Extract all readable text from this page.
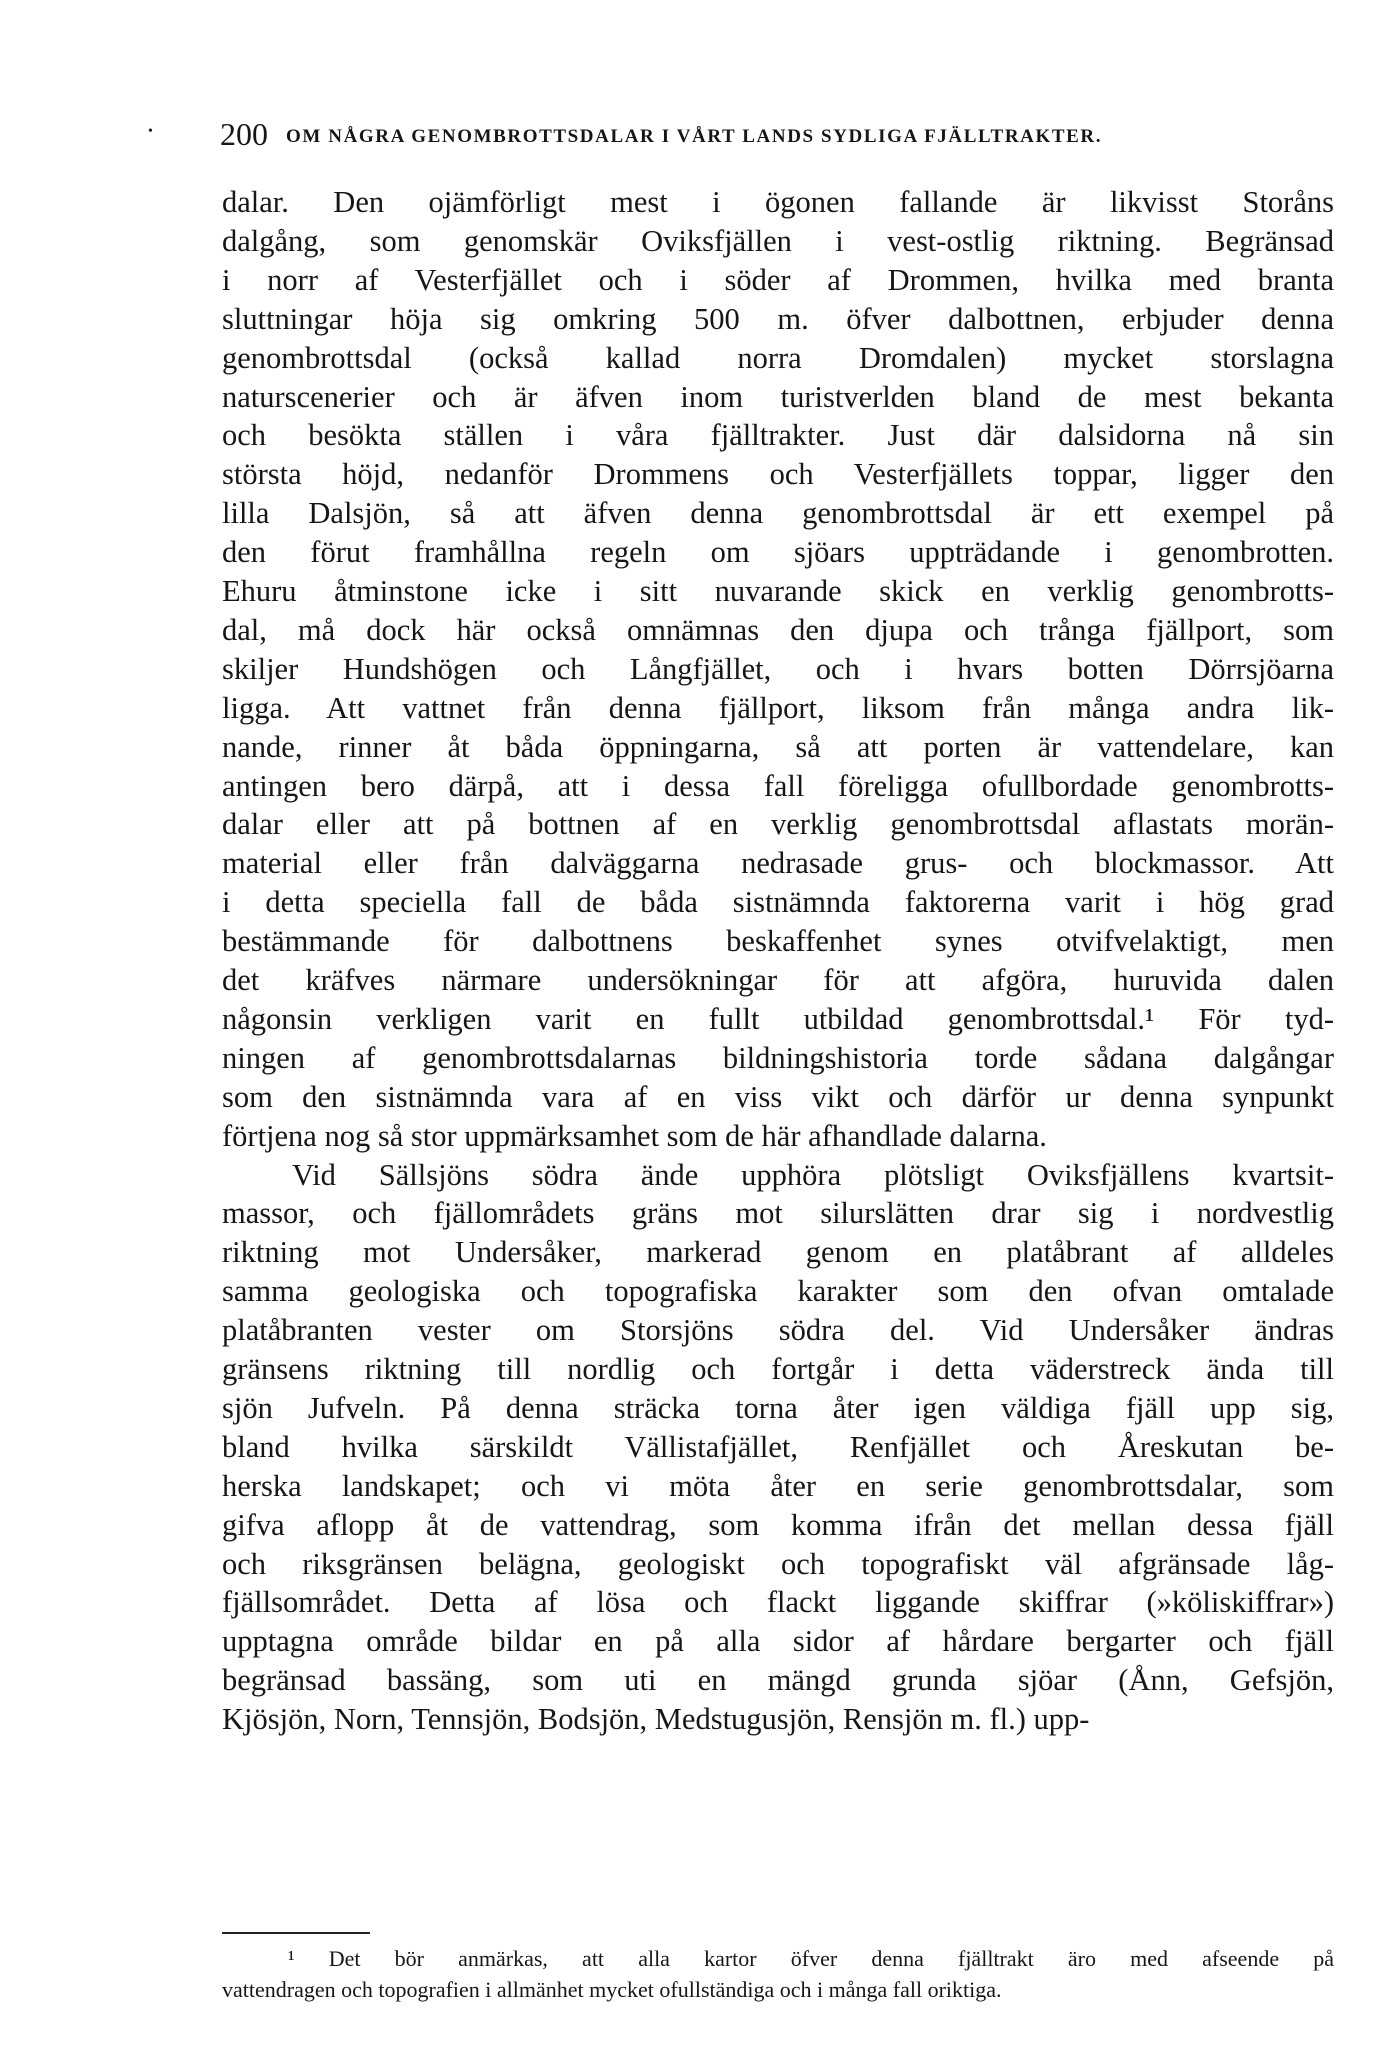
• 200 OM NÅGRA GENOMBROTTSDALAR I VÅRT LANDS SYDLIGA FJÄLLTRAKTER.
dalar. Den ojämförligt mest i ögonen fallande är likvisst Storåns
dalgång, som genomskär Oviksfjällen i vest-ostlig riktning. Begränsad
i norr af Vesterfjället och i söder af Drommen, hvilka med branta
sluttningar höja sig omkring 500 m. öfver dalbottnen, erbjuder denna
genombrottsdal (också kallad norra Dromdalen) mycket storslagna
naturscenerier och är äfven inom turistverlden bland de mest bekanta
och besökta ställen i våra fjälltrakter. Just där dalsidorna nå sin
största höjd, nedanför Drommens och Vesterfjällets toppar, ligger den
lilla Dalsjön, så att äfven denna genombrottsdal är ett exempel på
den förut framhållna regeln om sjöars uppträdande i genombrotten.
Ehuru åtminstone icke i sitt nuvarande skick en verklig genombrotts-
dal, må dock här också omnämnas den djupa och trånga fjällport, som
skiljer Hundshögen och Långfjället, och i hvars botten Dörrsjöarna
ligga. Att vattnet från denna fjällport, liksom från många andra lik-
nande, rinner åt båda öppningarna, så att porten är vattendelare, kan
antingen bero därpå, att i dessa fall föreligga ofullbordade genombrotts-
dalar eller att på bottnen af en verklig genombrottsdal aflastats morän-
material eller från dalväggarna nedrasade grus- och blockmassor. Att
i detta speciella fall de båda sistnämnda faktorerna varit i hög grad
bestämmande för dalbottnens beskaffenhet synes otvifvelaktigt, men
det kräfves närmare undersökningar för att afgöra, huruvida dalen
någonsin verkligen varit en fullt utbildad genombrottsdal.¹ För tyd-
ningen af genombrottsdalarnas bildningshistoria torde sådana dalgångar
som den sistnämnda vara af en viss vikt och därför ur denna synpunkt
förtjena nog så stor uppmärksamhet som de här afhandlade dalarna.
Vid Sällsjöns södra ände upphöra plötsligt Oviksfjällens kvartsit-
massor, och fjällområdets gräns mot silurslätten drar sig i nordvestlig
riktning mot Undersåker, markerad genom en platåbrant af alldeles
samma geologiska och topografiska karakter som den ofvan omtalade
platåbranten vester om Storsjöns södra del. Vid Undersåker ändras
gränsens riktning till nordlig och fortgår i detta väderstreck ända till
sjön Jufveln. På denna sträcka torna åter igen väldiga fjäll upp sig,
bland hvilka särskildt Vällistafjället, Renfjället och Åreskutan be-
herska landskapet; och vi möta åter en serie genombrottsdalar, som
gifva aflopp åt de vattendrag, som komma ifrån det mellan dessa fjäll
och riksgränsen belägna, geologiskt och topografiskt väl afgränsade låg-
fjällsområdet. Detta af lösa och flackt liggande skiffrar (»köliskiffrar»)
upptagna område bildar en på alla sidor af hårdare bergarter och fjäll
begränsad bassäng, som uti en mängd grunda sjöar (Ånn, Gefsjön,
Kjösjön, Norn, Tennsjön, Bodsjön, Medstugusjön, Rensjön m. fl.) upp-
¹ Det bör anmärkas, att alla kartor öfver denna fjälltrakt äro med afseende på
vattendragen och topografien i allmänhet mycket ofullständiga och i många fall oriktiga.
